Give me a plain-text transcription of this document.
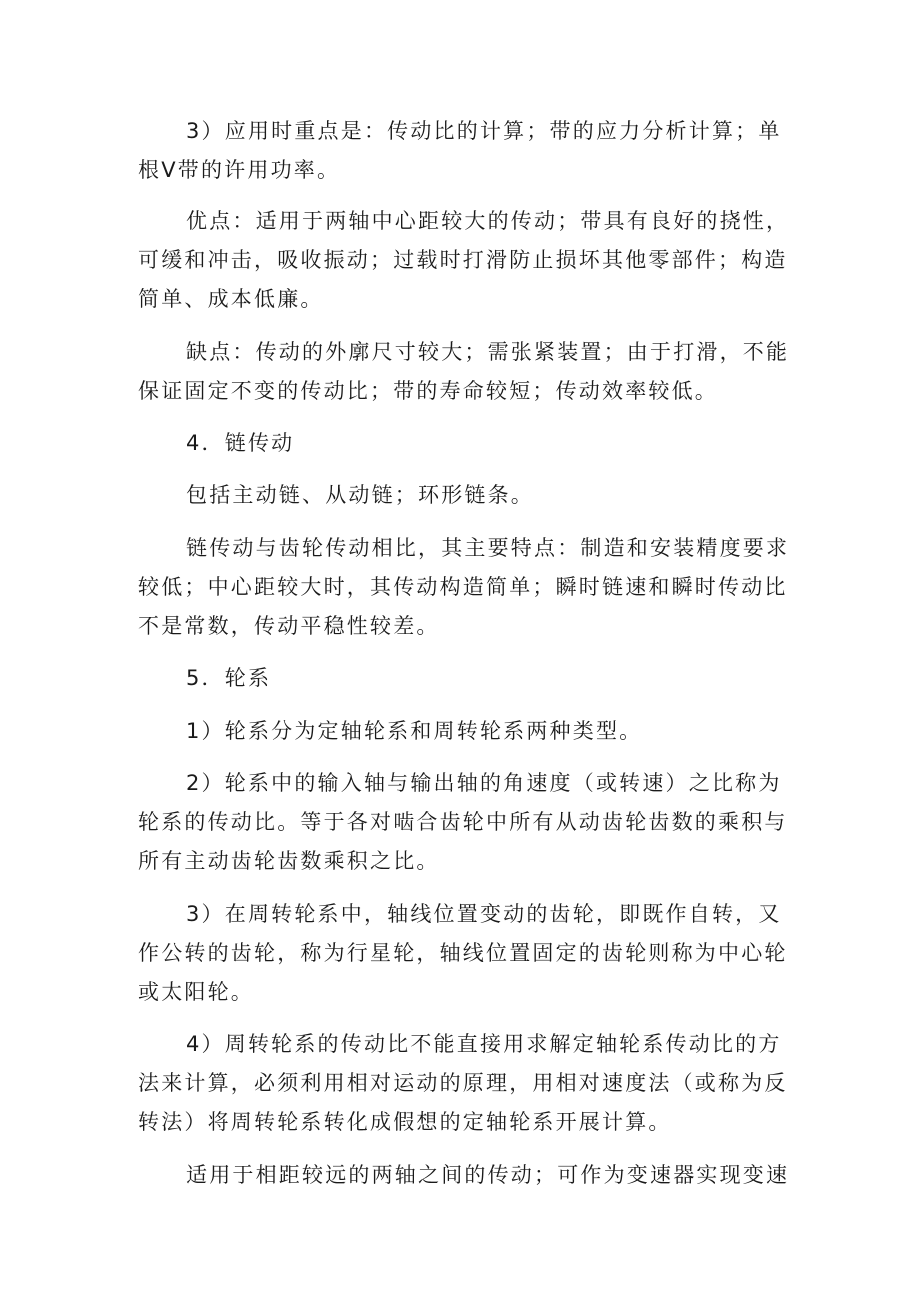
3）应用时重点是：传动比的计算；带的应力分析计算；单
根V带的许用功率。
优点：适用于两轴中心距较大的传动；带具有良好的挠性，
可缓和冲击，吸收振动；过载时打滑防止损坏其他零部件；构造
简单、成本低廉。
缺点：传动的外廓尺寸较大；需张紧装置；由于打滑，不能
保证固定不变的传动比；带的寿命较短；传动效率较低。
4．链传动
包括主动链、从动链；环形链条。
链传动与齿轮传动相比，其主要特点：制造和安装精度要求
较低；中心距较大时，其传动构造简单；瞬时链速和瞬时传动比
不是常数，传动平稳性较差。
5．轮系
1）轮系分为定轴轮系和周转轮系两种类型。
2）轮系中的输入轴与输出轴的角速度（或转速）之比称为
轮系的传动比。等于各对啮合齿轮中所有从动齿轮齿数的乘积与
所有主动齿轮齿数乘积之比。
3）在周转轮系中，轴线位置变动的齿轮，即既作自转，又
作公转的齿轮，称为行星轮，轴线位置固定的齿轮则称为中心轮
或太阳轮。
4）周转轮系的传动比不能直接用求解定轴轮系传动比的方
法来计算，必须利用相对运动的原理，用相对速度法（或称为反
转法）将周转轮系转化成假想的定轴轮系开展计算。
适用于相距较远的两轴之间的传动；可作为变速器实现变速
